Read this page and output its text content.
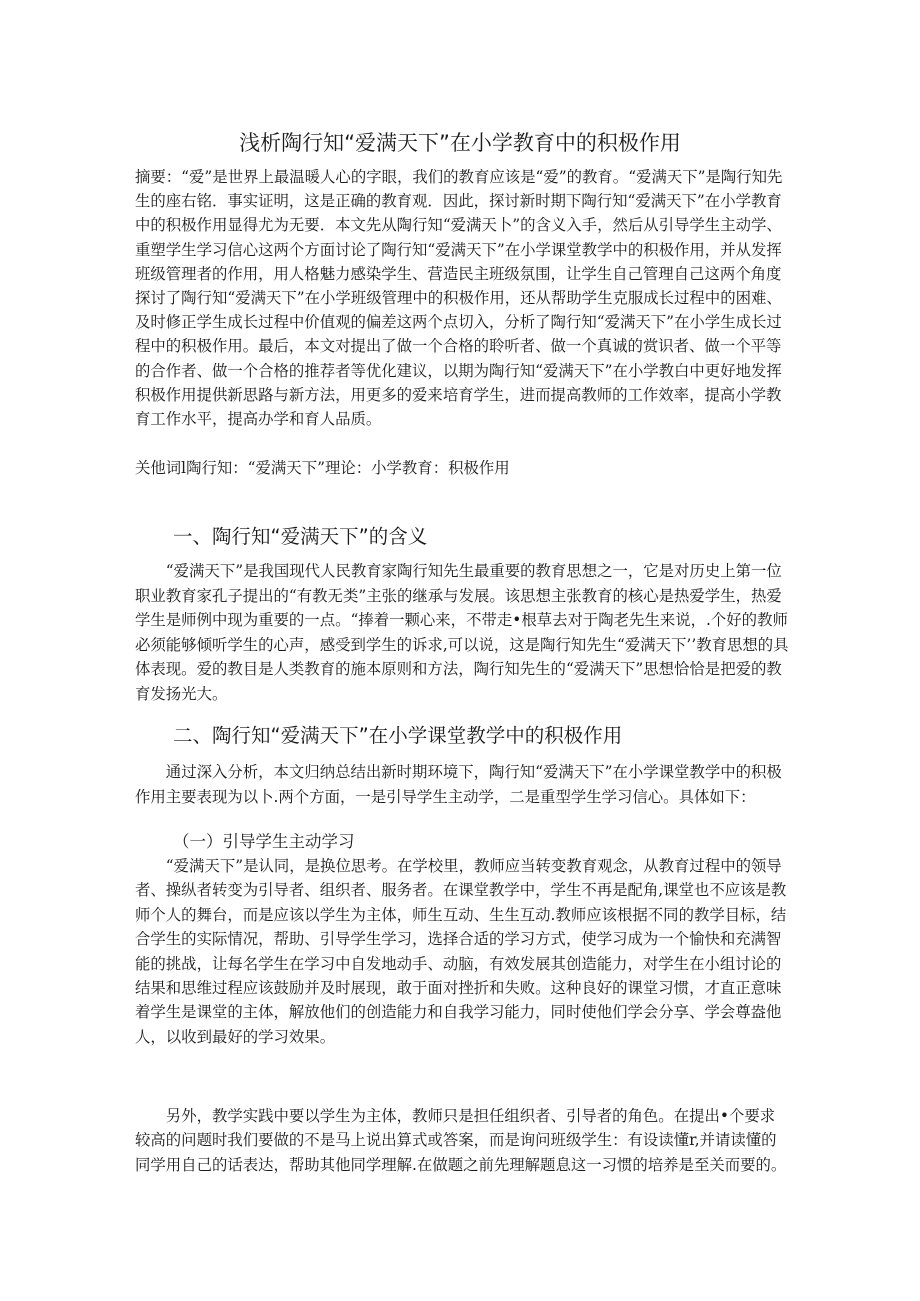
浅析陶行知“爱满天下”在小学教育中的积极作用

摘要：“爱”是世界上最温暖人心的字眼，我们的教育应该是“爱”的教育。“爱满天下”是陶行知先生的座右铭．事实证明，这是正确的教育观．因此，探讨新时期下陶行知“爱满天下”在小学教育中的积极作用显得尤为无要．本文先从陶行知“爱满天卜”的含义入手，然后从引导学生主动学、重塑学生学习信心这两个方面讨论了陶行知“爱满天下”在小学课堂教学中的积极作用，并从发挥班级管理者的作用，用人格魅力感染学生、营造民主班级氛围，让学生自己管理自己这两个角度探讨了陶行知“爱满天下”在小学班级管理中的积极作用，还从帮助学生克服成长过程中的困难、及时修正学生成长过程中价值观的偏差这两个点切入，分析了陶行知“爱满天下”在小学生成长过程中的积极作用。最后，本文对提出了做一个合格的聆听者、做一个真诚的赏识者、做一个平等的合作者、做一个合格的推荐者等优化建议，以期为陶行知“爱满天下”在小学教白中更好地发挥积极作用提供新思路与新方法，用更多的爱来培育学生，进而提高教师的工作效率，提高小学教育工作水平，提高办学和育人品质。

关他词l陶行知：“爱满天下”理论：小学教育：积极作用
一、陶行知“爱满天下”的含义

“爱满天下”是我国现代人民教育家陶行知先生最重要的教育思想之一，它是对历史上第一位职业教育家孔子提出的“有教无类”主张的继承与发展。该思想主张教育的核心是热爱学生，热爱学生是师例中现为重要的一点。“捧着一颗心来，不带走•根草去对于陶老先生来说，.个好的教师必须能够倾听学生的心声，感受到学生的诉求,可以说，这是陶行知先生“爱满天下’’教育思想的具体表现。爱的教目是人类教育的施本原则和方法，陶行知先生的“爱满天下”思想恰恰是把爱的教育发扬光大。

二、陶行知“爱满天下”在小学课堂教学中的积极作用

通过深入分析，本文归纳总结出新时期环境下，陶行知“爱满天下”在小学课堂教学中的积极作用主要表现为以卜.两个方面，一是引导学生主动学，二是重型学生学习信心。具体如下：

（一）引导学生主动学习

“爱满天下”是认同，是换位思考。在学校里，教师应当转变教育观念，从教育过程中的领导者、操纵者转变为引导者、组织者、服务者。在课堂教学中，学生不再是配角,课堂也不应该是教师个人的舞台，而是应该以学生为主体，师生互动、生生互动.教师应该根据不同的教学目标，结合学生的实际情况，帮助、引导学生学习，选择合适的学习方式，使学习成为一个愉快和充满智能的挑战，让每名学生在学习中自发地动手、动脑，有效发展其创造能力，对学生在小组讨论的结果和思维过程应该鼓励并及时展现，敢于面对挫折和失败。这种良好的课堂习惯，才直正意味着学生是课堂的主体，解放他们的创造能力和自我学习能力，同时使他们学会分享、学会尊盎他人，以收到最好的学习效果。

另外，教学实践中要以学生为主体，教师只是担任组织者、引导者的角色。在提出•个要求较高的问题时我们要做的不是马上说出算式或答案，而是询问班级学生：有设读懂r,并请读懂的同学用自己的话表达，帮助其他同学理解.在做题之前先理解题息这一习惯的培养是至关而要的。
